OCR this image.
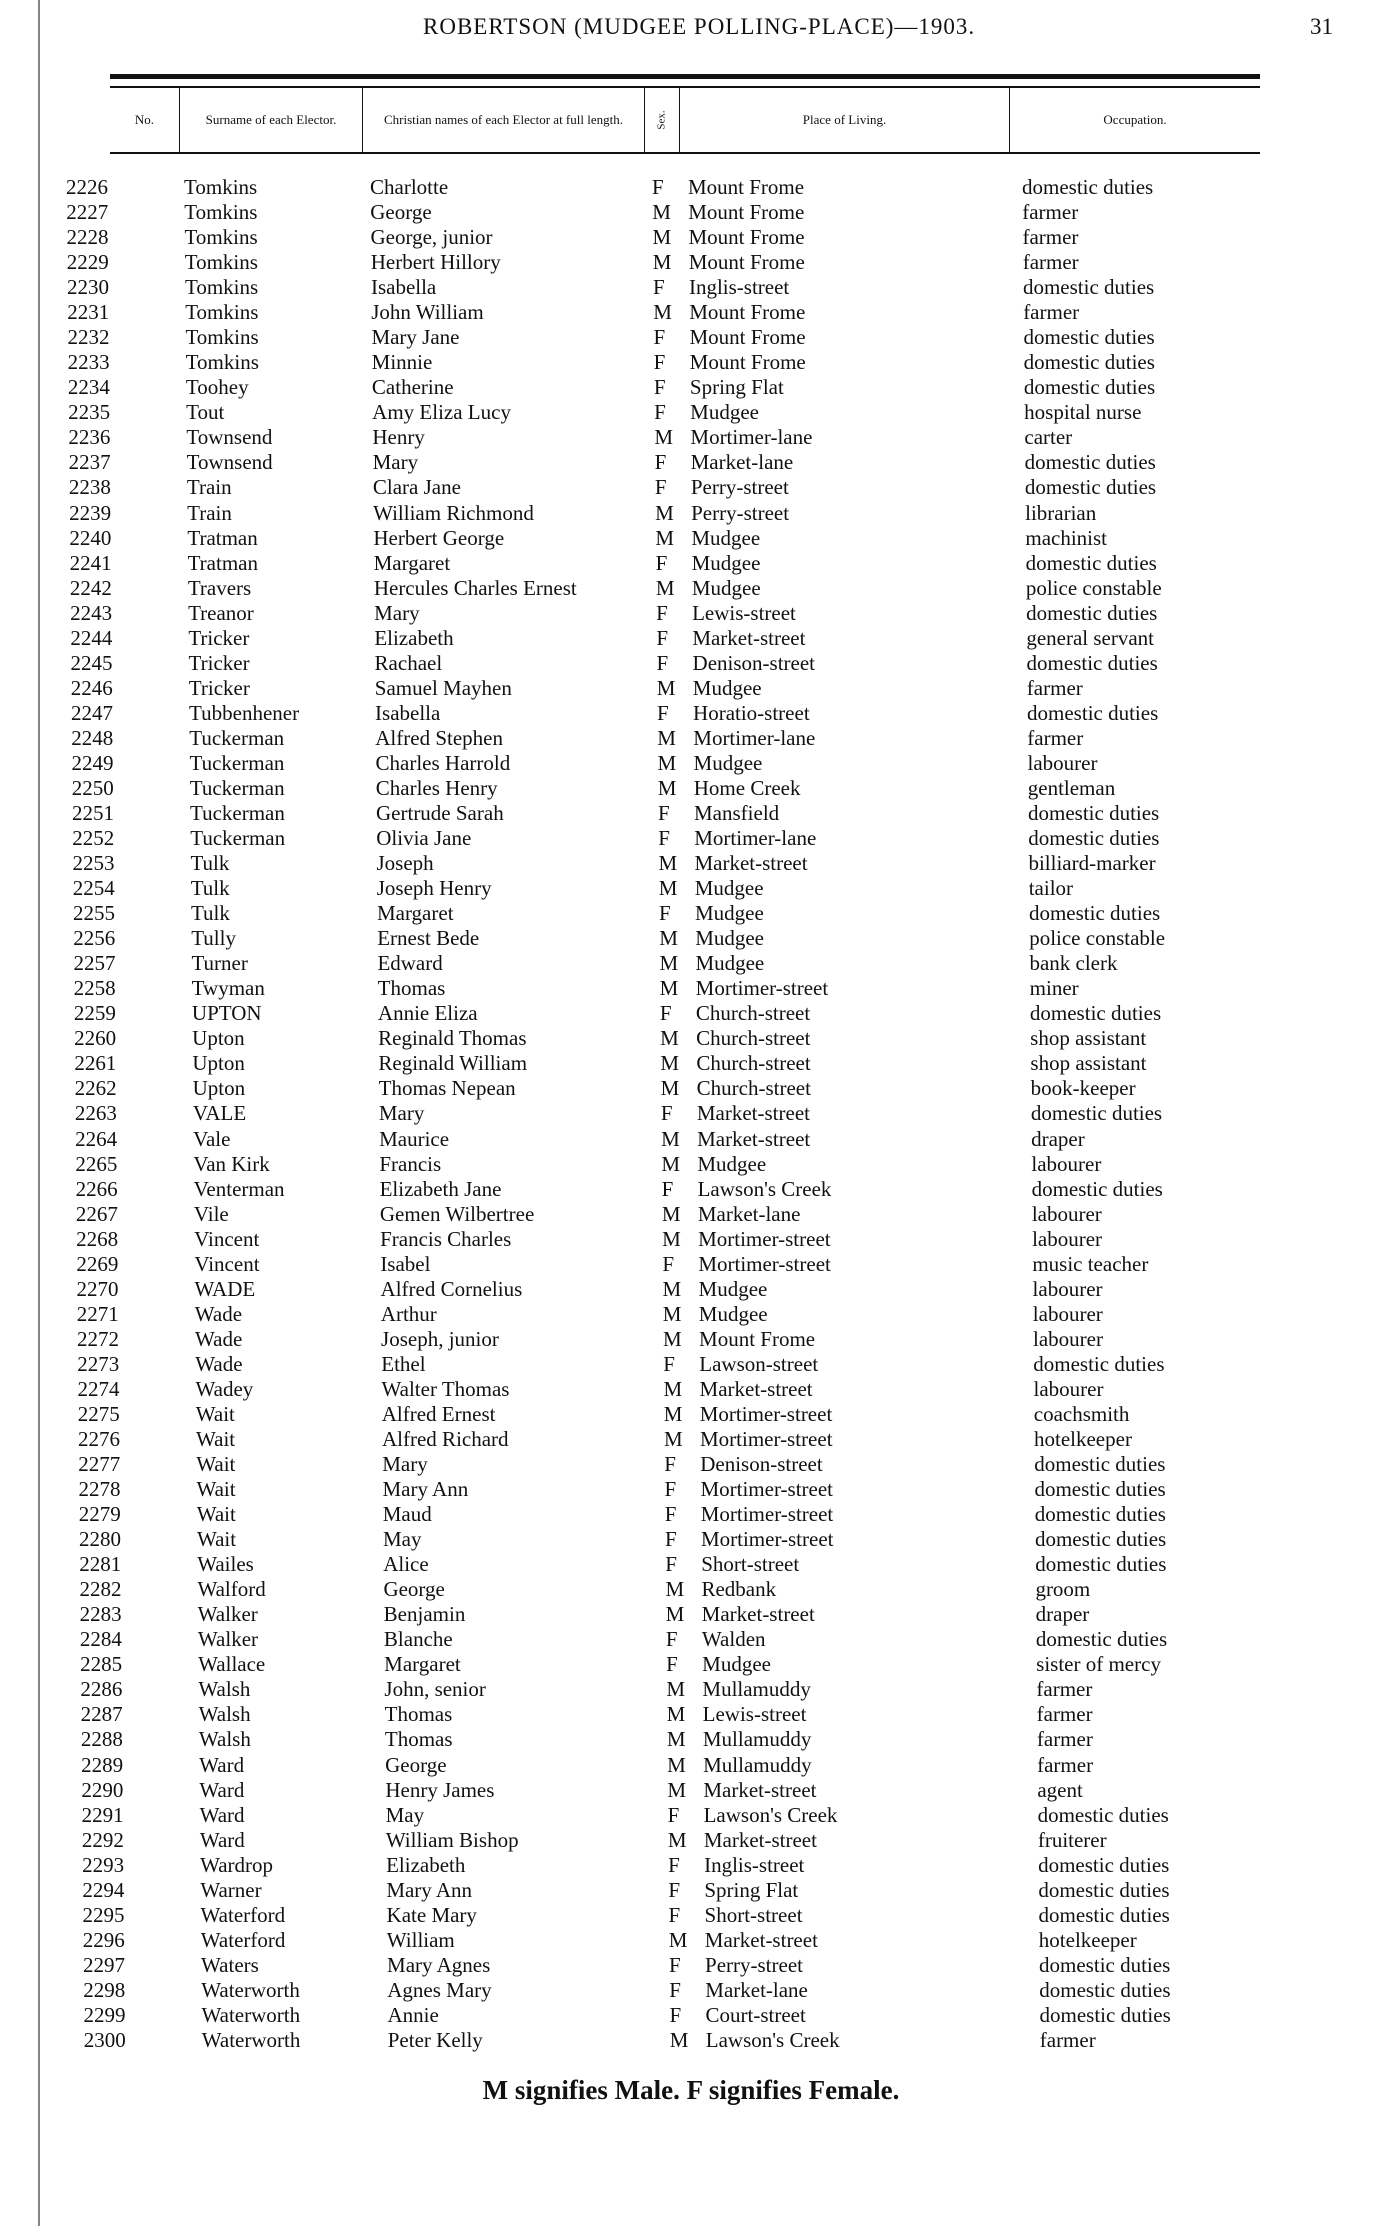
ROBERTSON (MUDGEE POLLING-PLACE)—1903.	31
No.	Surname of each Elector.	Christian names of each Elector at full length.	Sex.	Place of Living.	Occupation.
2226	Tomkins	Charlotte	F Mount Frome	domestic duties
2227	Tomkins	George	M Mount Frome	farmer
2228	Tomkins	George, junior	M Mount Frome	farmer
2229	Tomkins	Herbert Hillory	M Mount Frome	farmer
2230	Tomkins	Isabella	F Inglis-street	domestic duties
2231	Tomkins	John William	M Mount Frome	farmer
2232	Tomkins	Mary Jane	F Mount Frome	domestic duties
2233	Tomkins	Minnie	F Mount Frome	domestic duties
2234	Toohey	Catherine	F Spring Flat	domestic duties
2235	Tout	Amy Eliza Lucy	F Mudgee	hospital nurse
2236	Townsend	Henry	M Mortimer-lane	carter
2237	Townsend	Mary	F Market-lane	domestic duties
2238	Train	Clara Jane	F Perry-street	domestic duties
2239	Train	William Richmond	M Perry-street	librarian
2240	Tratman	Herbert George	M Mudgee	machinist
2241	Tratman	Margaret	F Mudgee	domestic duties
2242	Travers	Hercules Charles Ernest	M Mudgee	police constable
2243	Treanor	Mary	F Lewis-street	domestic duties
2244	Tricker	Elizabeth	F Market-street	general servant
2245	Tricker	Rachael	F Denison-street	domestic duties
2246	Tricker	Samuel Mayhen	M Mudgee	farmer
2247	Tubbenhener	Isabella	F Horatio-street	domestic duties
2248	Tuckerman	Alfred Stephen	M Mortimer-lane	farmer
2249	Tuckerman	Charles Harrold	M Mudgee	labourer
2250	Tuckerman	Charles Henry	M Home Creek	gentleman
2251	Tuckerman	Gertrude Sarah	F Mansfield	domestic duties
2252	Tuckerman	Olivia Jane	F Mortimer-lane	domestic duties
2253	Tulk	Joseph	M Market-street	billiard-marker
2254	Tulk	Joseph Henry	M Mudgee	tailor
2255	Tulk	Margaret	F Mudgee	domestic duties
2256	Tully	Ernest Bede	M Mudgee	police constable
2257	Turner	Edward	M Mudgee	bank clerk
2258	Twyman	Thomas	M Mortimer-street	miner
2259	UPTON	Annie Eliza	F Church-street	domestic duties
2260	Upton	Reginald Thomas	M Church-street	shop assistant
2261	Upton	Reginald William	M Church-street	shop assistant
2262	Upton	Thomas Nepean	M Church-street	book-keeper
2263	VALE	Mary	F Market-street	domestic duties
2264	Vale	Maurice	M Market-street	draper
2265	Van Kirk	Francis	M Mudgee	labourer
2266	Venterman	Elizabeth Jane	F Lawson's Creek	domestic duties
2267	Vile	Gemen Wilbertree	M Market-lane	labourer
2268	Vincent	Francis Charles	M Mortimer-street	labourer
2269	Vincent	Isabel	F Mortimer-street	music teacher
2270	WADE	Alfred Cornelius	M Mudgee	labourer
2271	Wade	Arthur	M Mudgee	labourer
2272	Wade	Joseph, junior	M Mount Frome	labourer
2273	Wade	Ethel	F Lawson-street	domestic duties
2274	Wadey	Walter Thomas	M Market-street	labourer
2275	Wait	Alfred Ernest	M Mortimer-street	coachsmith
2276	Wait	Alfred Richard	M Mortimer-street	hotelkeeper
2277	Wait	Mary	F Denison-street	domestic duties
2278	Wait	Mary Ann	F Mortimer-street	domestic duties
2279	Wait	Maud	F Mortimer-street	domestic duties
2280	Wait	May	F Mortimer-street	domestic duties
2281	Wailes	Alice	F Short-street	domestic duties
2282	Walford	George	M Redbank	groom
2283	Walker	Benjamin	M Market-street	draper
2284	Walker	Blanche	F Walden	domestic duties
2285	Wallace	Margaret	F Mudgee	sister of mercy
2286	Walsh	John, senior	M Mullamuddy	farmer
2287	Walsh	Thomas	M Lewis-street	farmer
2288	Walsh	Thomas	M Mullamuddy	farmer
2289	Ward	George	M Mullamuddy	farmer
2290	Ward	Henry James	M Market-street	agent
2291	Ward	May	F Lawson's Creek	domestic duties
2292	Ward	William Bishop	M Market-street	fruiterer
2293	Wardrop	Elizabeth	F Inglis-street	domestic duties
2294	Warner	Mary Ann	F Spring Flat	domestic duties
2295	Waterford	Kate Mary	F Short-street	domestic duties
2296	Waterford	William	M Market-street	hotelkeeper
2297	Waters	Mary Agnes	F Perry-street	domestic duties
2298	Waterworth	Agnes Mary	F Market-lane	domestic duties
2299	Waterworth	Annie	F Court-street	domestic duties
2300	Waterworth	Peter Kelly	M Lawson's Creek	farmer
M signifies Male. F signifies Female.
